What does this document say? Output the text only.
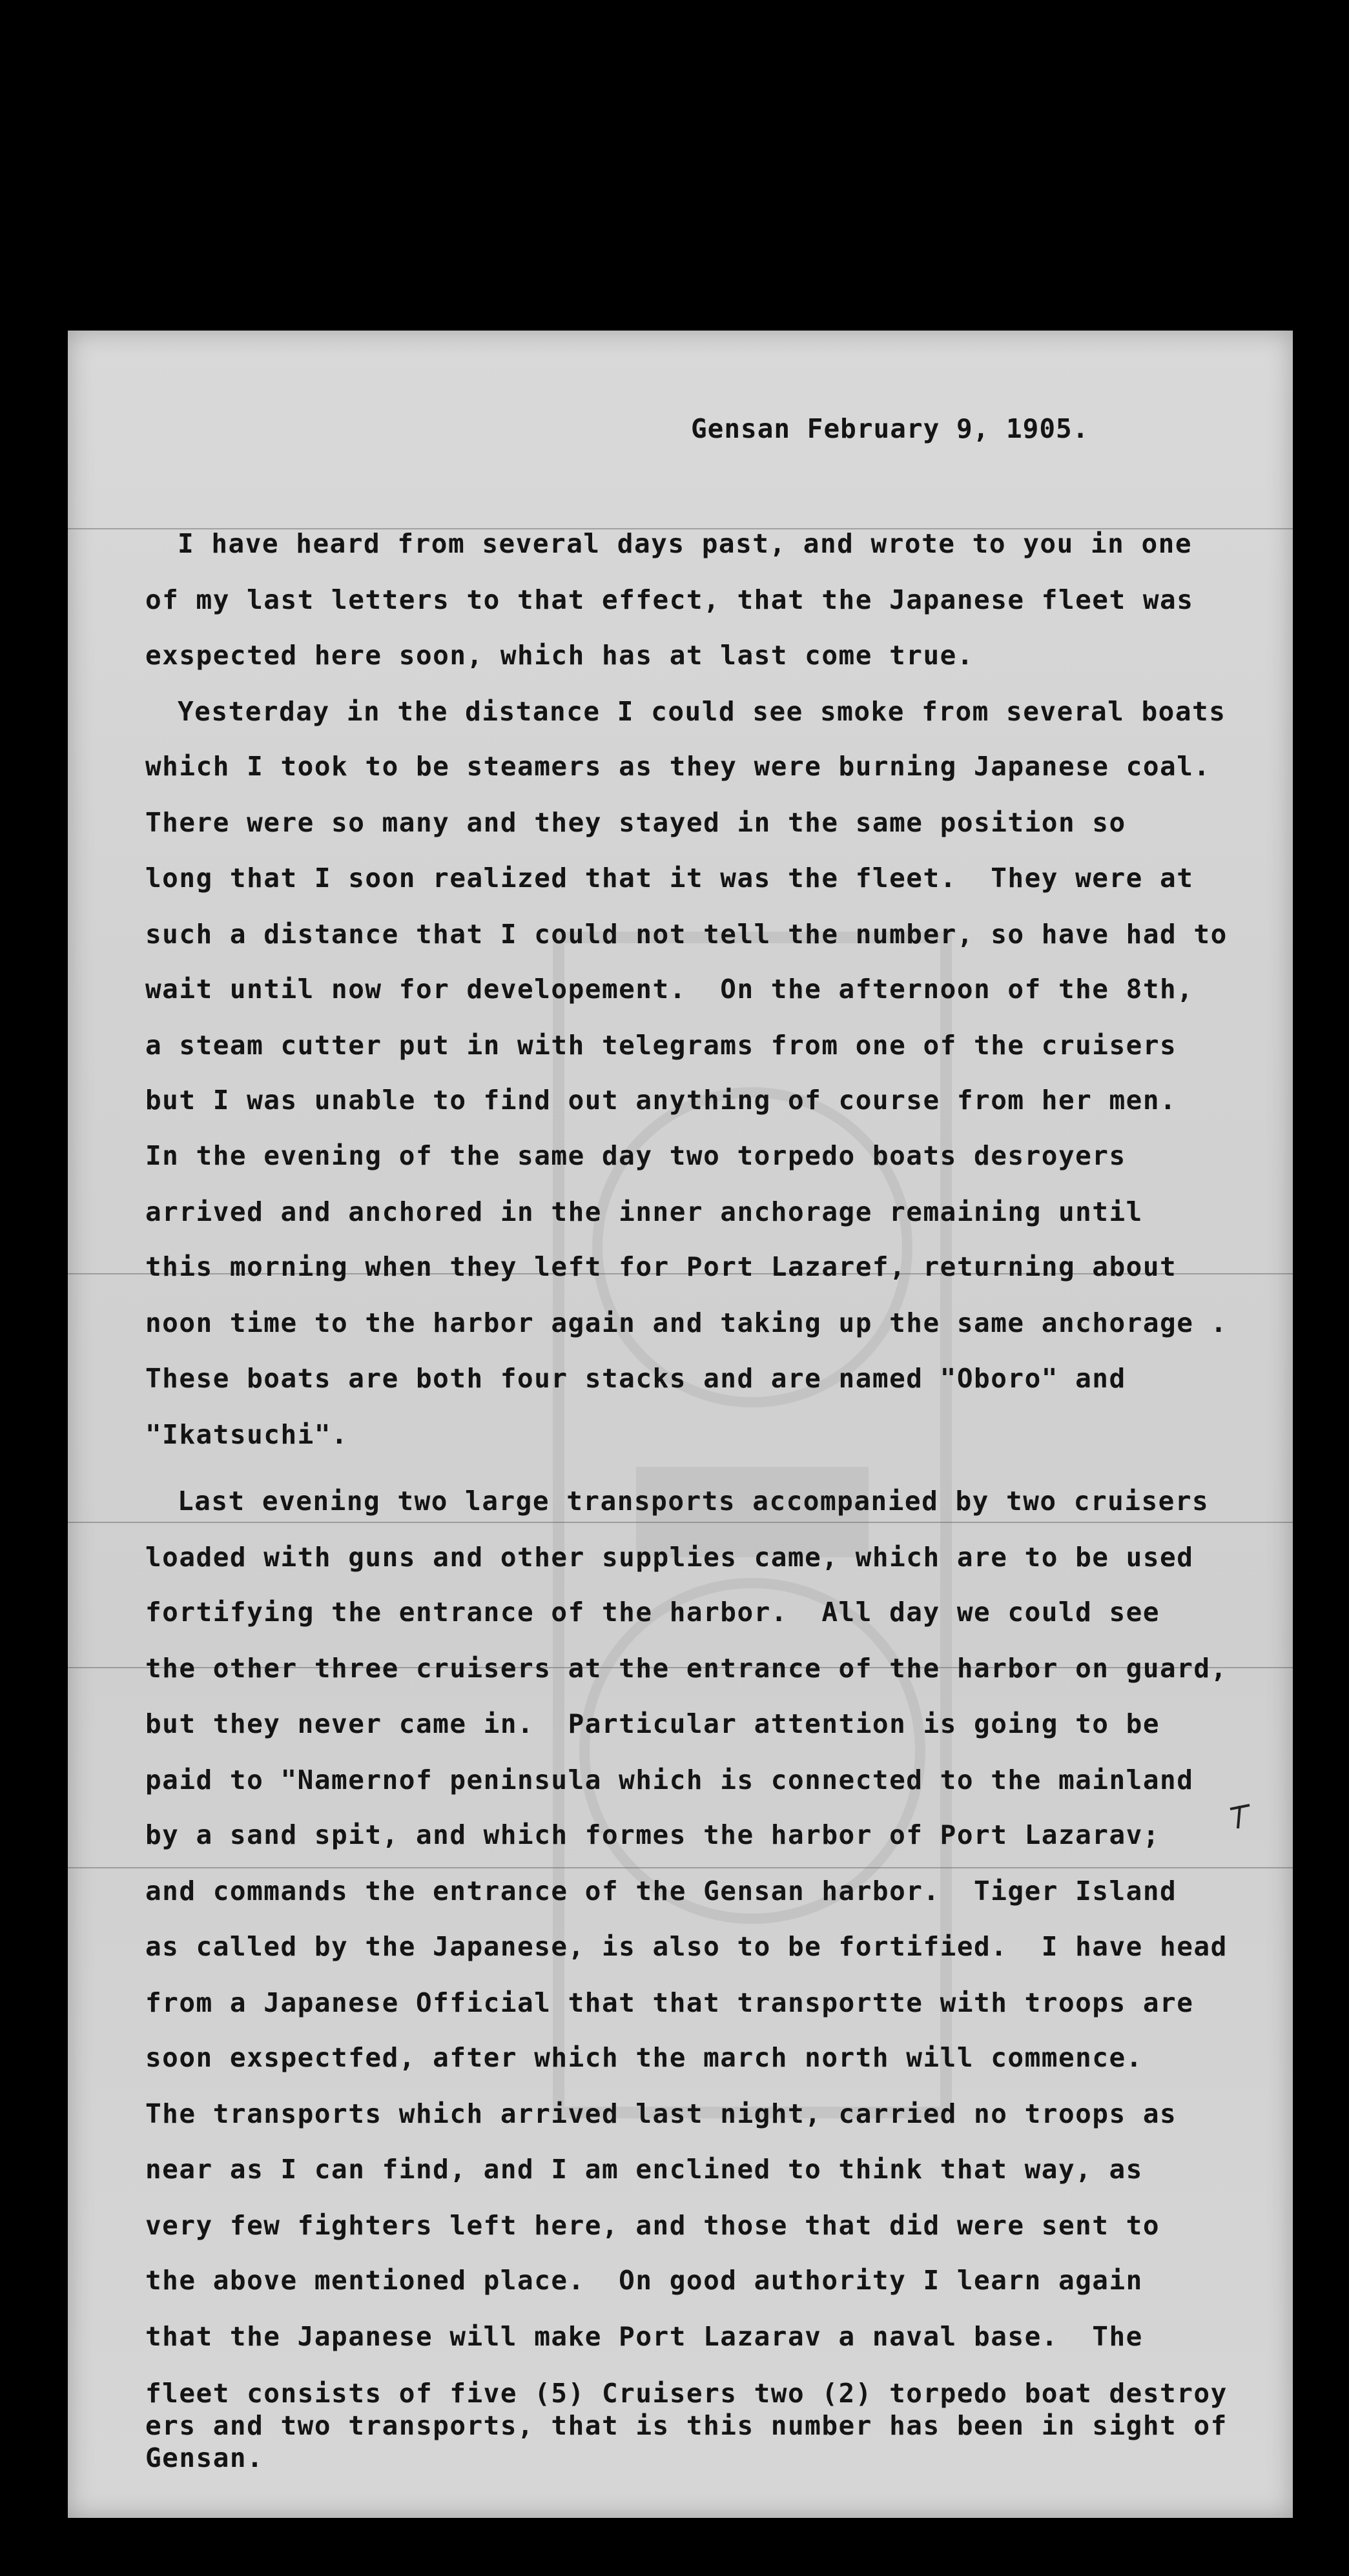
Gensan February 9, 1905.
I have heard from several days past, and wrote to you in one
of my last letters to that effect, that the Japanese fleet was
exspected here soon, which has at last come true.
Yesterday in the distance I could see smoke from several boats
which I took to be steamers as they were burning Japanese coal.
There were so many and they stayed in the same position so
long that I soon realized that it was the fleet.  They were at
such a distance that I could not tell the number, so have had to
wait until now for developement.  On the afternoon of the 8th,
a steam cutter put in with telegrams from one of the cruisers
but I was unable to find out anything of course from her men.
In the evening of the same day two torpedo boats desroyers
arrived and anchored in the inner anchorage remaining until
this morning when they left for Port Lazaref, returning about
noon time to the harbor again and taking up the same anchorage .
These boats are both four stacks and are named "Oboro" and
"Ikatsuchi".
Last evening two large transports accompanied by two cruisers
loaded with guns and other supplies came, which are to be used
fortifying the entrance of the harbor.  All day we could see
the other three cruisers at the entrance of the harbor on guard,
but they never came in.  Particular attention is going to be
paid to "Namernof peninsula which is connected to the mainland
by a sand spit, and which formes the harbor of Port Lazarav;
and commands the entrance of the Gensan harbor.  Tiger Island
as called by the Japanese, is also to be fortified.  I have head
from a Japanese Official that that transportte with troops are
soon exspectfed, after which the march north will commence.
The transports which arrived last night, carried no troops as
near as I can find, and I am enclined to think that way, as
very few fighters left here, and those that did were sent to
the above mentioned place.  On good authority I learn again
that the Japanese will make Port Lazarav a naval base.  The
fleet consists of five (5) Cruisers two (2) torpedo boat destroy
ers and two transports, that is this number has been in sight of
Gensan.
